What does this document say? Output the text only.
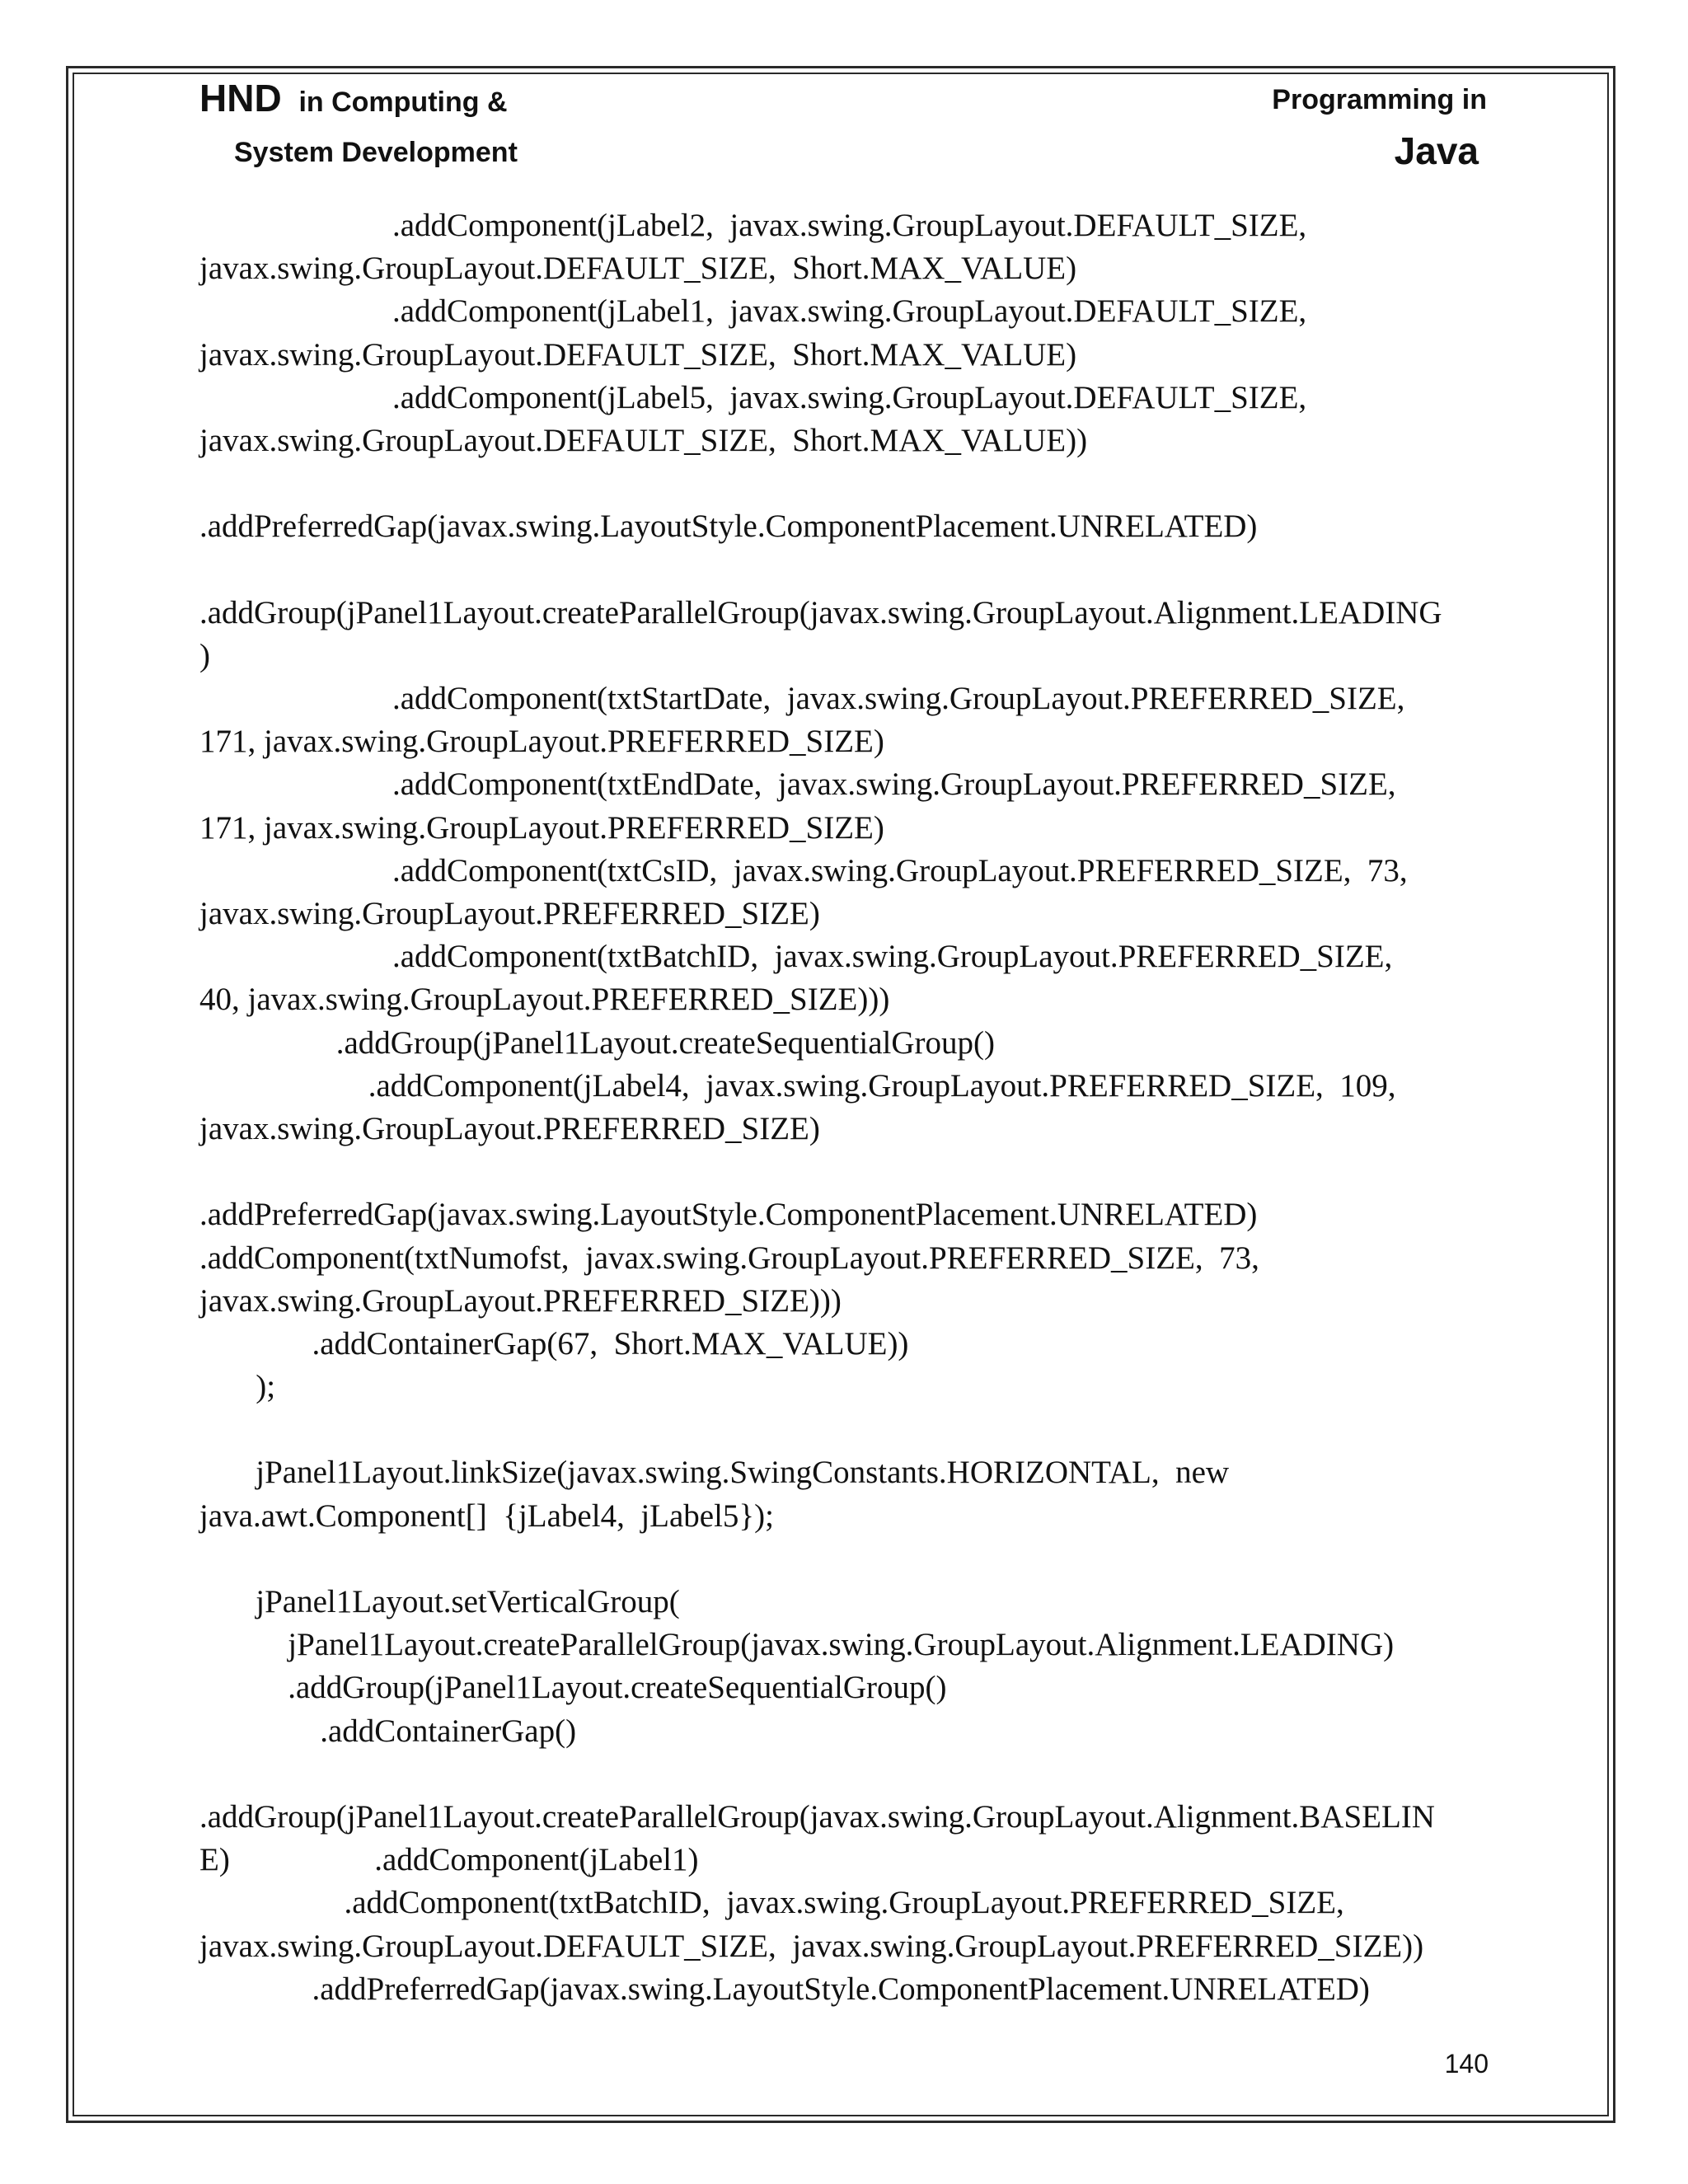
HND in Computing &
System Development
Programming in
Java
.addComponent(jLabel2,  javax.swing.GroupLayout.DEFAULT_SIZE,
javax.swing.GroupLayout.DEFAULT_SIZE,  Short.MAX_VALUE)
.addComponent(jLabel1,  javax.swing.GroupLayout.DEFAULT_SIZE,
javax.swing.GroupLayout.DEFAULT_SIZE,  Short.MAX_VALUE)
.addComponent(jLabel5,  javax.swing.GroupLayout.DEFAULT_SIZE,
javax.swing.GroupLayout.DEFAULT_SIZE,  Short.MAX_VALUE))
.addPreferredGap(javax.swing.LayoutStyle.ComponentPlacement.UNRELATED)
.addGroup(jPanel1Layout.createParallelGroup(javax.swing.GroupLayout.Alignment.LEADING
)
.addComponent(txtStartDate,  javax.swing.GroupLayout.PREFERRED_SIZE,
171, javax.swing.GroupLayout.PREFERRED_SIZE)
.addComponent(txtEndDate,  javax.swing.GroupLayout.PREFERRED_SIZE,
171, javax.swing.GroupLayout.PREFERRED_SIZE)
.addComponent(txtCsID,  javax.swing.GroupLayout.PREFERRED_SIZE,  73,
javax.swing.GroupLayout.PREFERRED_SIZE)
.addComponent(txtBatchID,  javax.swing.GroupLayout.PREFERRED_SIZE,
40, javax.swing.GroupLayout.PREFERRED_SIZE)))
.addGroup(jPanel1Layout.createSequentialGroup()
.addComponent(jLabel4,  javax.swing.GroupLayout.PREFERRED_SIZE,  109,
javax.swing.GroupLayout.PREFERRED_SIZE)
.addPreferredGap(javax.swing.LayoutStyle.ComponentPlacement.UNRELATED)
.addComponent(txtNumofst,  javax.swing.GroupLayout.PREFERRED_SIZE,  73,
javax.swing.GroupLayout.PREFERRED_SIZE)))
.addContainerGap(67,  Short.MAX_VALUE))
);
jPanel1Layout.linkSize(javax.swing.SwingConstants.HORIZONTAL,  new
java.awt.Component[]  {jLabel4,  jLabel5});
jPanel1Layout.setVerticalGroup(
jPanel1Layout.createParallelGroup(javax.swing.GroupLayout.Alignment.LEADING)
.addGroup(jPanel1Layout.createSequentialGroup()
.addContainerGap()
.addGroup(jPanel1Layout.createParallelGroup(javax.swing.GroupLayout.Alignment.BASELIN
E)                  .addComponent(jLabel1)
.addComponent(txtBatchID,  javax.swing.GroupLayout.PREFERRED_SIZE,
javax.swing.GroupLayout.DEFAULT_SIZE,  javax.swing.GroupLayout.PREFERRED_SIZE))
.addPreferredGap(javax.swing.LayoutStyle.ComponentPlacement.UNRELATED)
140
